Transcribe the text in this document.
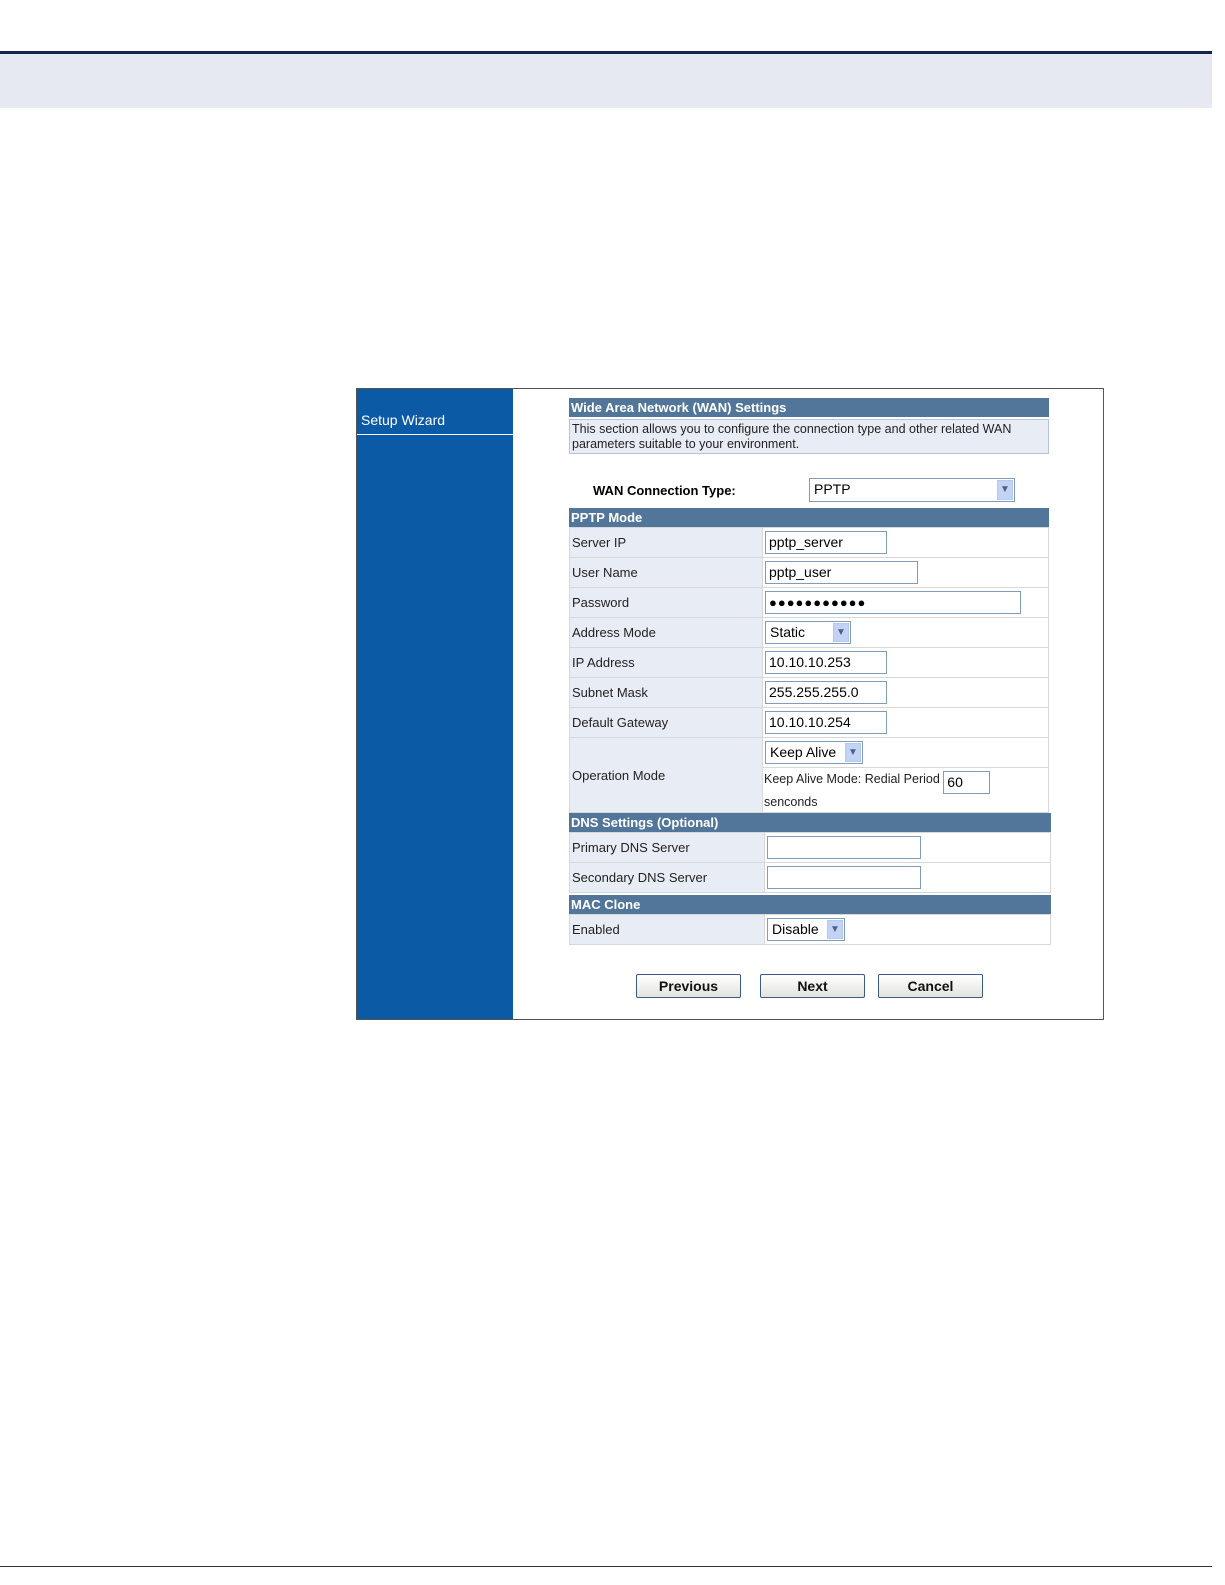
Setup Wizard
Wide Area Network (WAN) Settings
This section allows you to configure the connection type and other related WAN parameters suitable to your environment.
WAN Connection Type:	PPTP	▼
PPTP Mode
Server IP	pptp_server
User Name	pptp_user
Password	●●●●●●●●●●●
Address Mode	Static ▼

IP Address	10.10.10.253
Subnet Mask	255.255.255.0
Default Gateway	10.10.10.254
Operation Mode	Keep Alive ▼

	Keep Alive Mode: Redial Period 60
senconds
DNS Settings (Optional)
Primary DNS Server	
Secondary DNS Server	
MAC Clone
Enabled	Disable	▼
Previous	Next	Cancel
